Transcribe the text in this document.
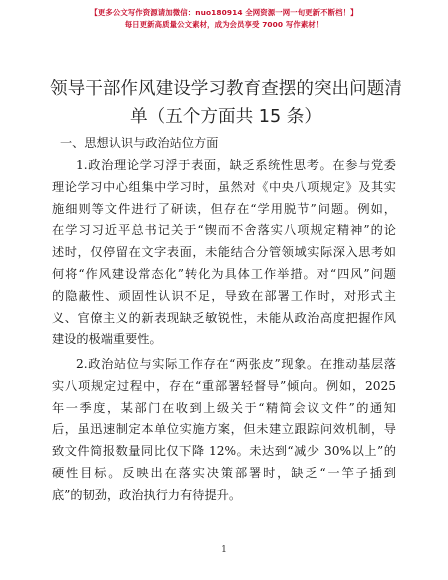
【更多公文写作资源请加微信：nuo180914 全网资源一网一旬更新不断档！】
每日更新高质量公文素材，成为会员享受 7000 写作素材！
领导干部作风建设学习教育查摆的突出问题清
单（五个方面共 15 条）
一、思想认识与政治站位方面
1.政治理论学习浮于表面，缺乏系统性思考。在参与党委
理论学习中心组集中学习时，虽然对《中央八项规定》及其实
施细则等文件进行了研读，但存在“学用脱节”问题。例如，
在学习习近平总书记关于“锲而不舍落实八项规定精神”的论
述时，仅停留在文字表面，未能结合分管领域实际深入思考如
何将“作风建设常态化”转化为具体工作举措。对“四风”问题
的隐蔽性、顽固性认识不足，导致在部署工作时，对形式主
义、官僚主义的新表现缺乏敏锐性，未能从政治高度把握作风
建设的极端重要性。
2.政治站位与实际工作存在“两张皮”现象。在推动基层落
实八项规定过程中，存在“重部署轻督导”倾向。例如，2025
年一季度，某部门在收到上级关于“精简会议文件”的通知
后，虽迅速制定本单位实施方案，但未建立跟踪问效机制，导
致文件简报数量同比仅下降 12%。未达到“减少 30%以上”的
硬性目标。反映出在落实决策部署时，缺乏“一竿子插到
底”的韧劲，政治执行力有待提升。
1
